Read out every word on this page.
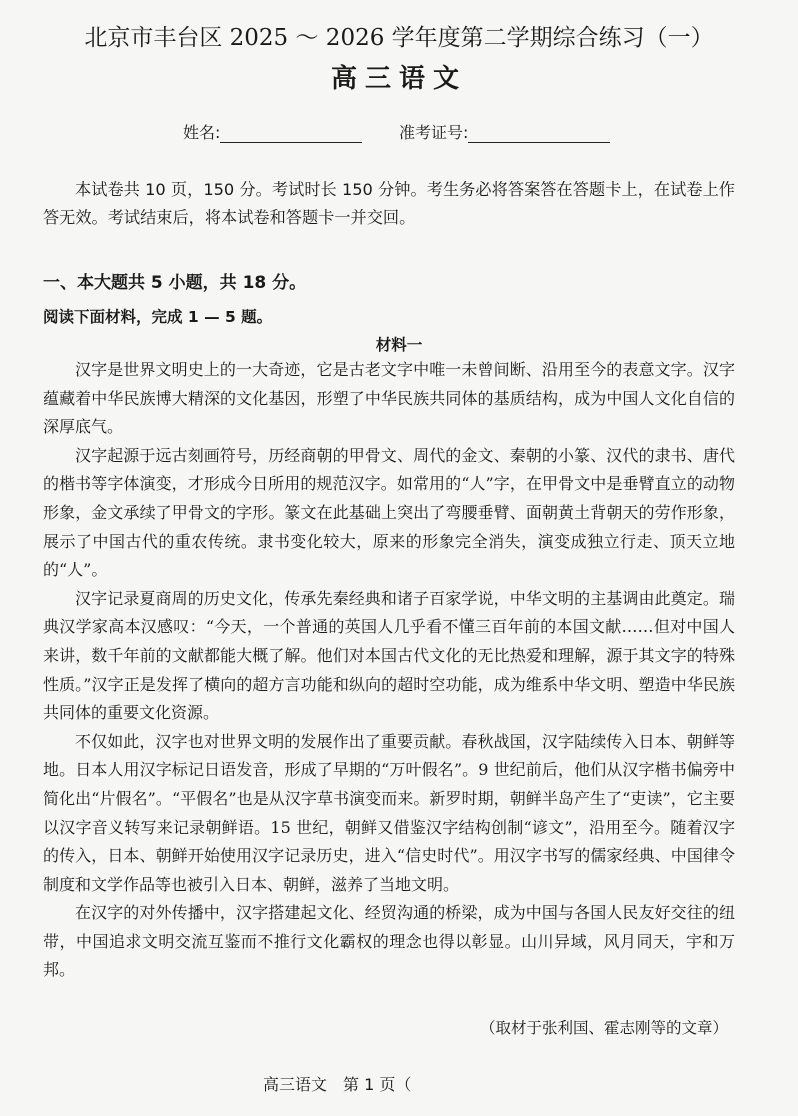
北京市丰台区 2025 ～ 2026 学年度第二学期综合练习（一）
高三语文
姓名:	准考证号:

本试卷共 10 页，150 分。考试时长 150 分钟。考生务必将答案答在答题卡上，在试卷上作答无效。考试结束后，将本试卷和答题卡一并交回。

一、本大题共 5 小题，共 18 分。
阅读下面材料，完成 1 — 5 题。
材料一

汉字是世界文明史上的一大奇迹，它是古老文字中唯一未曾间断、沿用至今的表意文字。汉字蕴藏着中华民族博大精深的文化基因，形塑了中华民族共同体的基质结构，成为中国人文化自信的深厚底气。

汉字起源于远古刻画符号，历经商朝的甲骨文、周代的金文、秦朝的小篆、汉代的隶书、唐代的楷书等字体演变，才形成今日所用的规范汉字。如常用的“人”字，在甲骨文中是垂臂直立的动物形象，金文承续了甲骨文的字形。篆文在此基础上突出了弯腰垂臂、面朝黄土背朝天的劳作形象，展示了中国古代的重农传统。隶书变化较大，原来的形象完全消失，演变成独立行走、顶天立地的“人”。

汉字记录夏商周的历史文化，传承先秦经典和诸子百家学说，中华文明的主基调由此奠定。瑞典汉学家高本汉感叹：“今天，一个普通的英国人几乎看不懂三百年前的本国文献……但对中国人来讲，数千年前的文献都能大概了解。他们对本国古代文化的无比热爱和理解，源于其文字的特殊性质。”汉字正是发挥了横向的超方言功能和纵向的超时空功能，成为维系中华文明、塑造中华民族共同体的重要文化资源。

不仅如此，汉字也对世界文明的发展作出了重要贡献。春秋战国，汉字陆续传入日本、朝鲜等地。日本人用汉字标记日语发音，形成了早期的“万叶假名”。9 世纪前后，他们从汉字楷书偏旁中简化出“片假名”。“平假名”也是从汉字草书演变而来。新罗时期，朝鲜半岛产生了“吏读”，它主要以汉字音义转写来记录朝鲜语。15 世纪，朝鲜又借鉴汉字结构创制“谚文”，沿用至今。随着汉字的传入，日本、朝鲜开始使用汉字记录历史，进入“信史时代”。用汉字书写的儒家经典、中国律令制度和文学作品等也被引入日本、朝鲜，滋养了当地文明。

在汉字的对外传播中，汉字搭建起文化、经贸沟通的桥梁，成为中国与各国人民友好交往的纽带，中国追求文明交流互鉴而不推行文化霸权的理念也得以彰显。山川异域，风月同天，宇和万邦。

（取材于张利国、霍志刚等的文章）
高三语文　第 1 页（
